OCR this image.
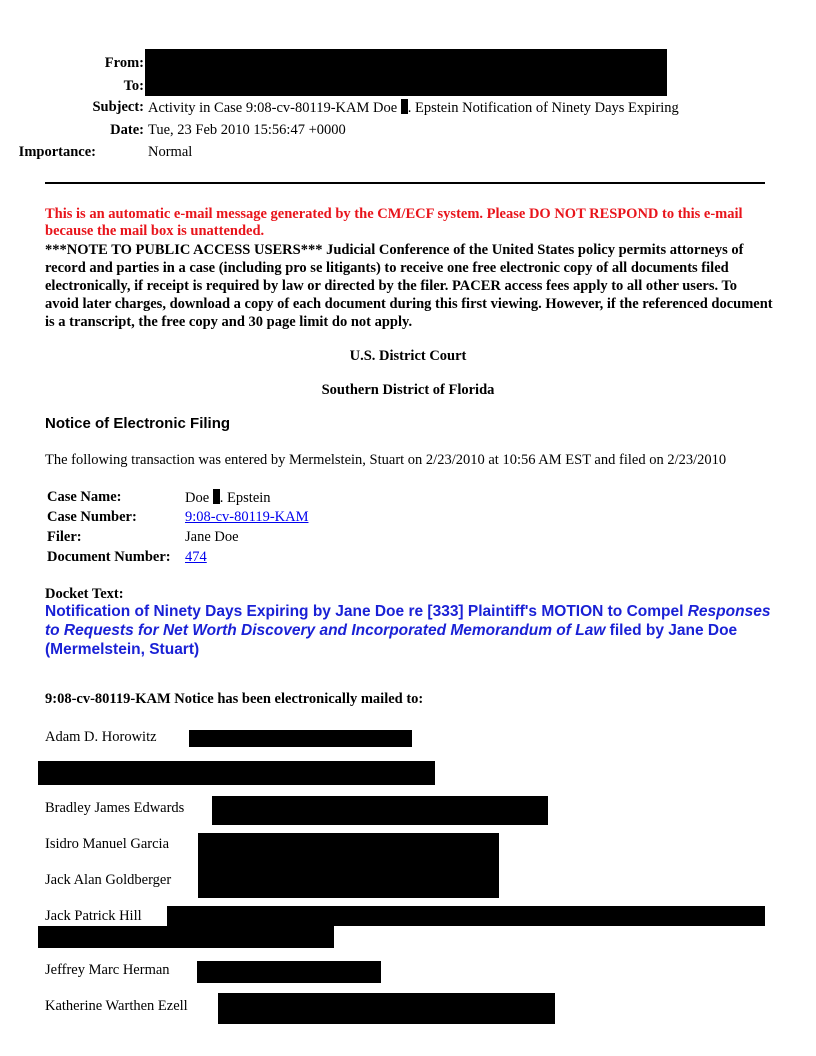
From:
To:
Subject: Activity in Case 9:08-cv-80119-KAM Doe . Epstein Notification of Ninety Days Expiring
Date: Tue, 23 Feb 2010 15:56:47 +0000
Importance:	Normal
This is an automatic e-mail message generated by the CM/ECF system. Please DO NOT RESPOND to this e-mail because the mail box is unattended.
***NOTE TO PUBLIC ACCESS USERS*** Judicial Conference of the United States policy permits attorneys of record and parties in a case (including pro se litigants) to receive one free electronic copy of all documents filed electronically, if receipt is required by law or directed by the filer. PACER access fees apply to all other users. To avoid later charges, download a copy of each document during this first viewing. However, if the referenced document is a transcript, the free copy and 30 page limit do not apply.
U.S. District Court
Southern District of Florida
Notice of Electronic Filing
The following transaction was entered by Mermelstein, Stuart on 2/23/2010 at 10:56 AM EST and filed on 2/23/2010
Case Name:	Doe . Epstein
Case Number:	9:08-cv-80119-KAM
Filer:	Jane Doe
Document Number: 474
Docket Text:
Notification of Ninety Days Expiring by Jane Doe re [333] Plaintiff's MOTION to Compel Responses to Requests for Net Worth Discovery and Incorporated Memorandum of Law filed by Jane Doe (Mermelstein, Stuart)
9:08-cv-80119-KAM Notice has been electronically mailed to:
Adam D. Horowitz
Bradley James Edwards
Isidro Manuel Garcia
Jack Alan Goldberger
Jack Patrick Hill
Jeffrey Marc Herman
Katherine Warthen Ezell
